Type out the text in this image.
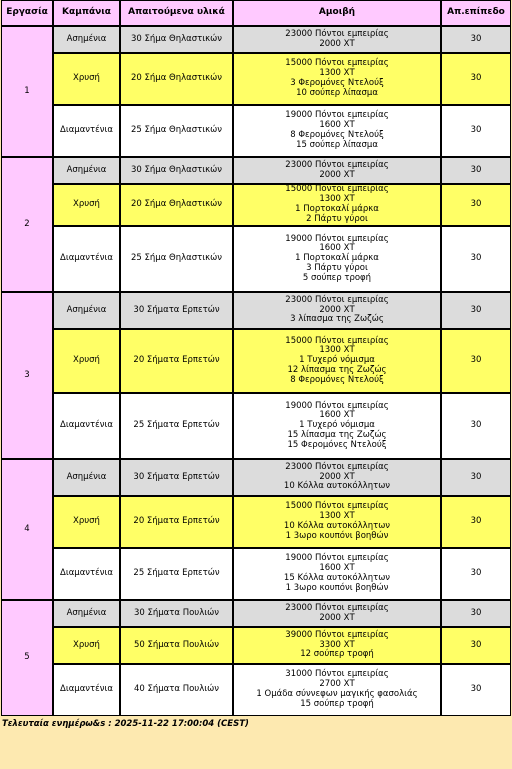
Εργασία	Καμπάνια	Απαιτούμενα υλικά	Αμοιβή	Απ.επίπεδο
1	Ασημένια	30 Σήμα Θηλαστικών	23000 Πόντοι εμπειρίας
2000 ΧΤ	30
	Χρυσή	20 Σήμα Θηλαστικών	15000 Πόντοι εμπειρίας
1300 ΧΤ
3 Φερομόνες Ντελούξ
10 σούπερ λίπασμα	30
	Διαμαντένια	25 Σήμα Θηλαστικών	19000 Πόντοι εμπειρίας
1600 ΧΤ
8 Φερομόνες Ντελούξ
15 σούπερ λίπασμα	30
2	Ασημένια	30 Σήμα Θηλαστικών	23000 Πόντοι εμπειρίας
2000 ΧΤ	30
	Χρυσή	20 Σήμα Θηλαστικών	15000 Πόντοι εμπειρίας
1300 ΧΤ
1 Πορτοκαλί μάρκα
2 Πάρτυ γύροι	30
	Διαμαντένια	25 Σήμα Θηλαστικών	19000 Πόντοι εμπειρίας
1600 ΧΤ
1 Πορτοκαλί μάρκα
3 Πάρτυ γύροι
5 σούπερ τροφή	30
3	Ασημένια	30 Σήματα Ερπετών	23000 Πόντοι εμπειρίας
2000 ΧΤ
3 λίπασμα της Ζωζώς	30
	Χρυσή	20 Σήματα Ερπετών	15000 Πόντοι εμπειρίας
1300 ΧΤ
1 Τυχερό νόμισμα
12 λίπασμα της Ζωζώς
8 Φερομόνες Ντελούξ	30
	Διαμαντένια	25 Σήματα Ερπετών	19000 Πόντοι εμπειρίας
1600 ΧΤ
1 Τυχερό νόμισμα
15 λίπασμα της Ζωζώς
15 Φερομόνες Ντελούξ	30
4	Ασημένια	30 Σήματα Ερπετών	23000 Πόντοι εμπειρίας
2000 ΧΤ
10 Κόλλα αυτοκόλλητων	30
	Χρυσή	20 Σήματα Ερπετών	15000 Πόντοι εμπειρίας
1300 ΧΤ
10 Κόλλα αυτοκόλλητων
1 3ωρο κουπόνι βοηθών	30
	Διαμαντένια	25 Σήματα Ερπετών	19000 Πόντοι εμπειρίας
1600 ΧΤ
15 Κόλλα αυτοκόλλητων
1 3ωρο κουπόνι βοηθών	30
5	Ασημένια	30 Σήματα Πουλιών	23000 Πόντοι εμπειρίας
2000 ΧΤ	30
	Χρυσή	50 Σήματα Πουλιών	39000 Πόντοι εμπειρίας
3300 ΧΤ
12 σούπερ τροφή	30
	Διαμαντένια	40 Σήματα Πουλιών	31000 Πόντοι εμπειρίας
2700 ΧΤ
1 Ομάδα σύννεφων μαγικής φασολιάς
15 σούπερ τροφή	30
Τελευταία ενημέρω&s : 2025-11-22 17:00:04 (CEST)
